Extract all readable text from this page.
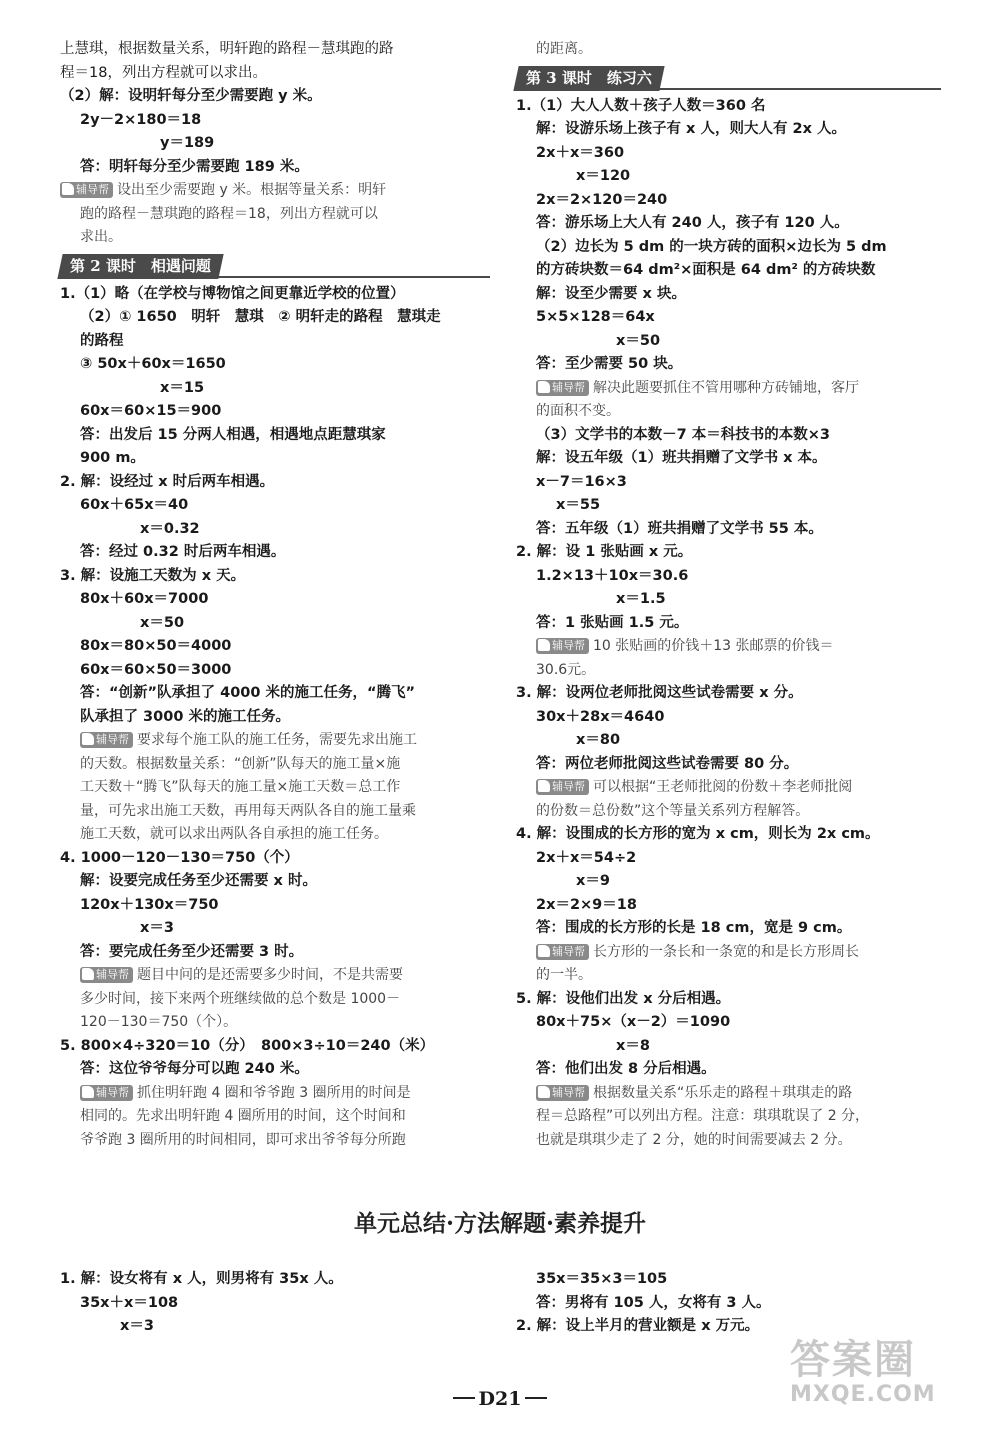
上慧琪，根据数量关系，明轩跑的路程－慧琪跑的路
程＝18，列出方程就可以求出。
（2）解：设明轩每分至少需要跑 y 米。
2y－2×180＝18
y＝189
答：明轩每分至少需要跑 189 米。
辅导帮 设出至少需要跑 y 米。根据等量关系：明轩
跑的路程－慧琪跑的路程＝18，列出方程就可以
求出。
第 2 课时　相遇问题
1.（1）略（在学校与博物馆之间更靠近学校的位置）
（2）① 1650　明轩　慧琪　② 明轩走的路程　慧琪走
的路程
③ 50x＋60x＝1650
x＝15
60x＝60×15＝900
答：出发后 15 分两人相遇，相遇地点距慧琪家
900 m。
2. 解：设经过 x 时后两车相遇。
60x＋65x＝40
x＝0.32
答：经过 0.32 时后两车相遇。
3. 解：设施工天数为 x 天。
80x＋60x＝7000
x＝50
80x＝80×50＝4000
60x＝60×50＝3000
答：“创新”队承担了 4000 米的施工任务，“腾飞”
队承担了 3000 米的施工任务。
辅导帮 要求每个施工队的施工任务，需要先求出施工
的天数。根据数量关系：“创新”队每天的施工量×施
工天数＋“腾飞”队每天的施工量×施工天数＝总工作
量，可先求出施工天数，再用每天两队各自的施工量乘
施工天数，就可以求出两队各自承担的施工任务。
4. 1000－120－130＝750（个）
解：设要完成任务至少还需要 x 时。
120x＋130x＝750
x＝3
答：要完成任务至少还需要 3 时。
辅导帮 题目中问的是还需要多少时间，不是共需要
多少时间，接下来两个班继续做的总个数是 1000－
120－130＝750（个）。
5. 800×4÷320＝10（分）　800×3÷10＝240（米）
答：这位爷爷每分可以跑 240 米。
辅导帮 抓住明轩跑 4 圈和爷爷跑 3 圈所用的时间是
相同的。先求出明轩跑 4 圈所用的时间，这个时间和
爷爷跑 3 圈所用的时间相同，即可求出爷爷每分所跑
的距离。
第 3 课时　练习六
1.（1）大人人数＋孩子人数＝360 名
解：设游乐场上孩子有 x 人，则大人有 2x 人。
2x＋x＝360
x＝120
2x＝2×120＝240
答：游乐场上大人有 240 人，孩子有 120 人。
（2）边长为 5 dm 的一块方砖的面积×边长为 5 dm
的方砖块数＝64 dm²×面积是 64 dm² 的方砖块数
解：设至少需要 x 块。
5×5×128＝64x
x＝50
答：至少需要 50 块。
辅导帮 解决此题要抓住不管用哪种方砖铺地，客厅
的面积不变。
（3）文学书的本数－7 本＝科技书的本数×3
解：设五年级（1）班共捐赠了文学书 x 本。
x－7＝16×3
x＝55
答：五年级（1）班共捐赠了文学书 55 本。
2. 解：设 1 张贴画 x 元。
1.2×13＋10x＝30.6
x＝1.5
答：1 张贴画 1.5 元。
辅导帮 10 张贴画的价钱＋13 张邮票的价钱＝
30.6元。
3. 解：设两位老师批阅这些试卷需要 x 分。
30x＋28x＝4640
x＝80
答：两位老师批阅这些试卷需要 80 分。
辅导帮 可以根据“王老师批阅的份数＋李老师批阅
的份数＝总份数”这个等量关系列方程解答。
4. 解：设围成的长方形的宽为 x cm，则长为 2x cm。
2x＋x＝54÷2
x＝9
2x＝2×9＝18
答：围成的长方形的长是 18 cm，宽是 9 cm。
辅导帮 长方形的一条长和一条宽的和是长方形周长
的一半。
5. 解：设他们出发 x 分后相遇。
80x＋75×（x－2）＝1090
x＝8
答：他们出发 8 分后相遇。
辅导帮 根据数量关系“乐乐走的路程＋琪琪走的路
程＝总路程”可以列出方程。注意：琪琪耽误了 2 分，
也就是琪琪少走了 2 分，她的时间需要减去 2 分。
单元总结·方法解题·素养提升
1. 解：设女将有 x 人，则男将有 35x 人。
35x＋x＝108
x＝3
35x＝35×3＝105
答：男将有 105 人，女将有 3 人。
2. 解：设上半月的营业额是 x 万元。
D21
答案圈
MXQE.COM
